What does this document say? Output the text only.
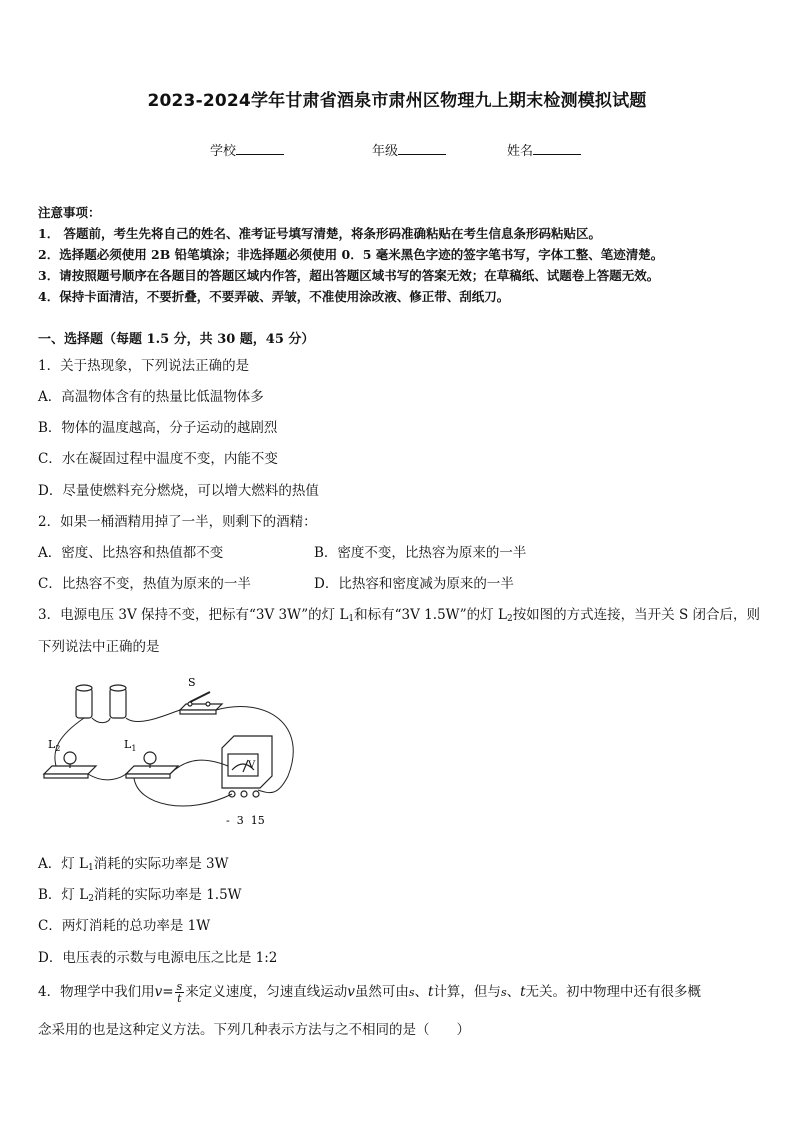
2023-2024学年甘肃省酒泉市肃州区物理九上期末检测模拟试题
学校	年级	姓名
注意事项：
1． 答题前，考生先将自己的姓名、准考证号填写清楚，将条形码准确粘贴在考生信息条形码粘贴区。
2．选择题必须使用 2B 铅笔填涂；非选择题必须使用 0．5 毫米黑色字迹的签字笔书写，字体工整、笔迹清楚。
3．请按照题号顺序在各题目的答题区域内作答，超出答题区域书写的答案无效；在草稿纸、试题卷上答题无效。
4．保持卡面清洁，不要折叠，不要弄破、弄皱，不准使用涂改液、修正带、刮纸刀。
一、选择题（每题 1.5 分，共 30 题，45 分）
1．关于热现象，下列说法正确的是
A．高温物体含有的热量比低温物体多
B．物体的温度越高，分子运动的越剧烈
C．水在凝固过程中温度不变，内能不变
D．尽量使燃料充分燃烧，可以增大燃料的热值
2．如果一桶酒精用掉了一半，则剩下的酒精：
A．密度、比热容和热值都不变	B．密度不变，比热容为原来的一半
C．比热容不变，热值为原来的一半	D．比热容和密度减为原来的一半
3．电源电压 3V 保持不变，把标有“3V 3W”的灯 $L_1$和标有“3V 1.5W”的灯 $L_2$按如图的方式连接，当开关 S 闭合后，则
下列说法中正确的是
S
$L_2$	$L_1$
V
-  3  15
A．灯 $L_1$消耗的实际功率是 3W
B．灯 $L_2$消耗的实际功率是 1.5W
C．两灯消耗的总功率是 1W
D．电压表的示数与电源电压之比是 1:2
4．物理学中我们用$v= \frac{s}{t}$ 来定义速度，匀速直线运动v虽然可由s、t计算，但与s、t无关。初中物理中还有很多概
念采用的也是这种定义方法。下列几种表示方法与之不相同的是（　　）
